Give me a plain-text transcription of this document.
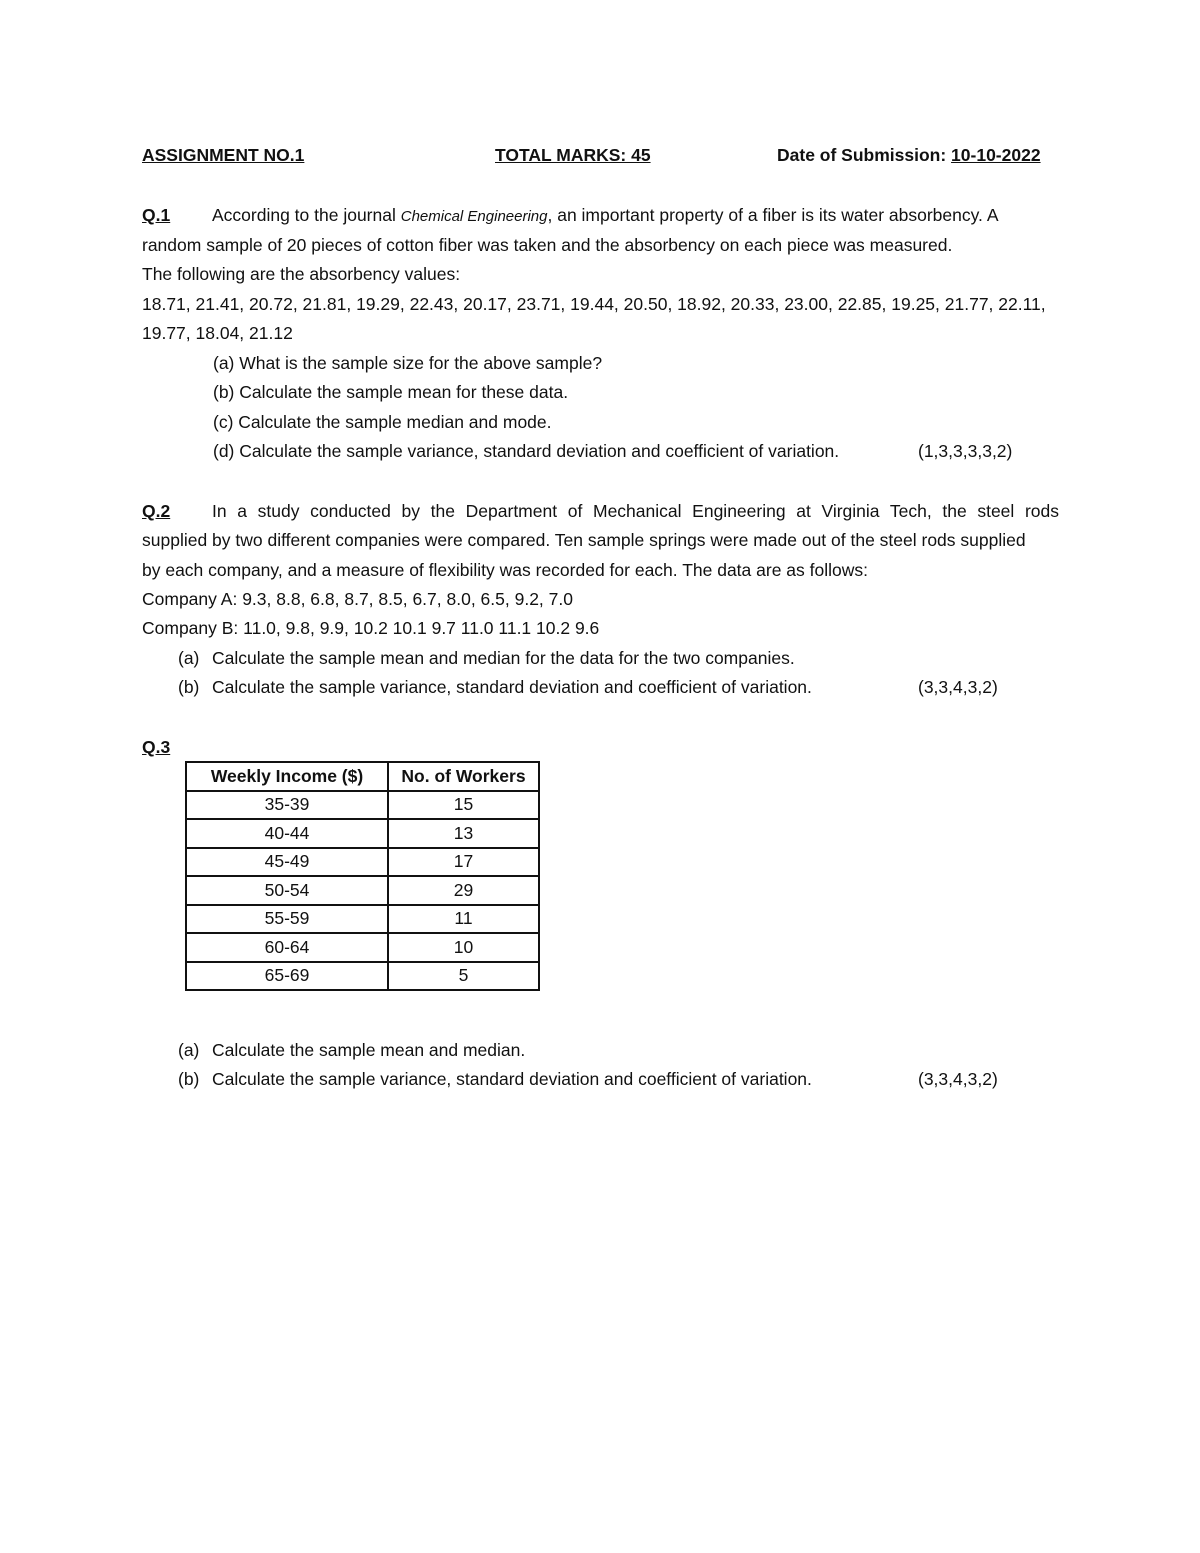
ASSIGNMENT NO.1	TOTAL MARKS: 45	Date of Submission: 10-10-2022
Q.1 According to the journal Chemical Engineering, an important property of a fiber is its water absorbency. A
random sample of 20 pieces of cotton fiber was taken and the absorbency on each piece was measured.
The following are the absorbency values:
18.71, 21.41, 20.72, 21.81, 19.29, 22.43, 20.17, 23.71, 19.44, 20.50, 18.92, 20.33, 23.00, 22.85, 19.25, 21.77, 22.11,
19.77, 18.04, 21.12
(a) What is the sample size for the above sample?
(b) Calculate the sample mean for these data.
(c) Calculate the sample median and mode.
(d) Calculate the sample variance, standard deviation and coefficient of variation.	(1,3,3,3,3,2)
Q.2 In a study conducted by the Department of Mechanical Engineering at Virginia Tech, the steel rods
supplied by two different companies were compared. Ten sample springs were made out of the steel rods supplied
by each company, and a measure of flexibility was recorded for each. The data are as follows:
Company A: 9.3, 8.8, 6.8, 8.7, 8.5, 6.7, 8.0, 6.5, 9.2, 7.0
Company B: 11.0, 9.8, 9.9, 10.2 10.1 9.7 11.0 11.1 10.2 9.6
(a) Calculate the sample mean and median for the data for the two companies.
(b) Calculate the sample variance, standard deviation and coefficient of variation.	(3,3,4,3,2)
Q.3
Weekly Income ($)	No. of Workers
35-39	15
40-44	13
45-49	17
50-54	29
55-59	11
60-64	10
65-69	5
(a) Calculate the sample mean and median.
(b) Calculate the sample variance, standard deviation and coefficient of variation.	(3,3,4,3,2)
